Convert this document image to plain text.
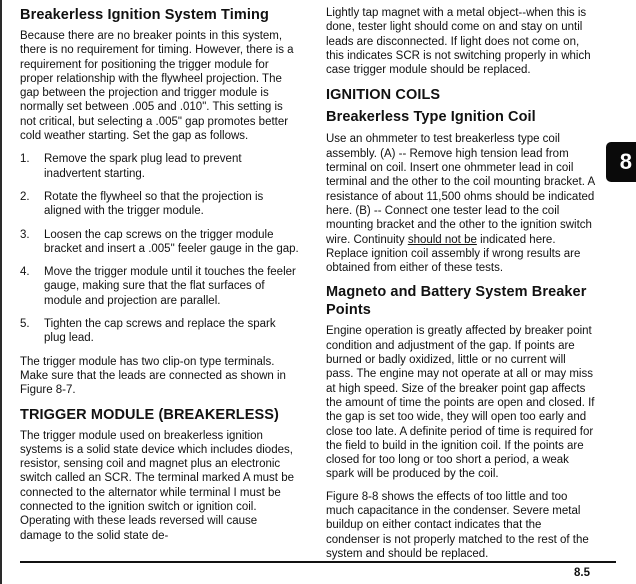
Breakerless Ignition System Timing

Because there are no breaker points in this system, there is no requirement for timing. However, there is a requirement for positioning the trigger module for proper relationship with the flywheel projection. The gap between the projection and trigger module is normally set between .005 and .010". This setting is not critical, but selecting a .005" gap promotes better cold weather starting. Set the gap as follows.

1.	Remove the spark plug lead to prevent inadvertent starting.
2.	Rotate the flywheel so that the projection is aligned with the trigger module.
3.	Loosen the cap screws on the trigger module bracket and insert a .005" feeler gauge in the gap.
4.	Move the trigger module until it touches the feeler gauge, making sure that the flat surfaces of module and projection are parallel.
5.	Tighten the cap screws and replace the spark plug lead.

The trigger module has two clip-on type terminals. Make sure that the leads are connected as shown in Figure 8-7.

TRIGGER MODULE (BREAKERLESS)

The trigger module used on breakerless ignition systems is a solid state device which includes diodes, resistor, sensing coil and magnet plus an electronic switch called an SCR. The terminal marked A must be connected to the alternator while terminal I must be connected to the ignition switch or ignition coil. Operating with these leads reversed will cause damage to the solid state de-

Lightly tap magnet with a metal object--when this is done, tester light should come on and stay on until leads are disconnected. If light does not come on, this indicates SCR is not switching properly in which case trigger module should be replaced.

IGNITION COILS
Breakerless Type Ignition Coil

Use an ohmmeter to test breakerless type coil assembly. (A) -- Remove high tension lead from terminal on coil. Insert one ohmmeter lead in coil terminal and the other to the coil mounting bracket. A resistance of about 11,500 ohms should be indicated here. (B) -- Connect one tester lead to the coil mounting bracket and the other to the ignition switch wire. Continuity should not be indicated here. Replace ignition coil assembly if wrong results are obtained from either of these tests.

Magneto and Battery System Breaker Points

Engine operation is greatly affected by breaker point condition and adjustment of the gap. If points are burned or badly oxidized, little or no current will pass. The engine may not operate at all or may miss at high speed. Size of the breaker point gap affects the amount of time the points are open and closed. If the gap is set too wide, they will open too early and close too late. A definite period of time is required for the field to build in the ignition coil. If the points are closed for too long or too short a period, a weak spark will be produced by the coil.

Figure 8-8 shows the effects of too little and too much capacitance in the condenser. Severe metal buildup on either contact indicates that the condenser is not properly matched to the rest of the system and should be replaced.

8
8.5
